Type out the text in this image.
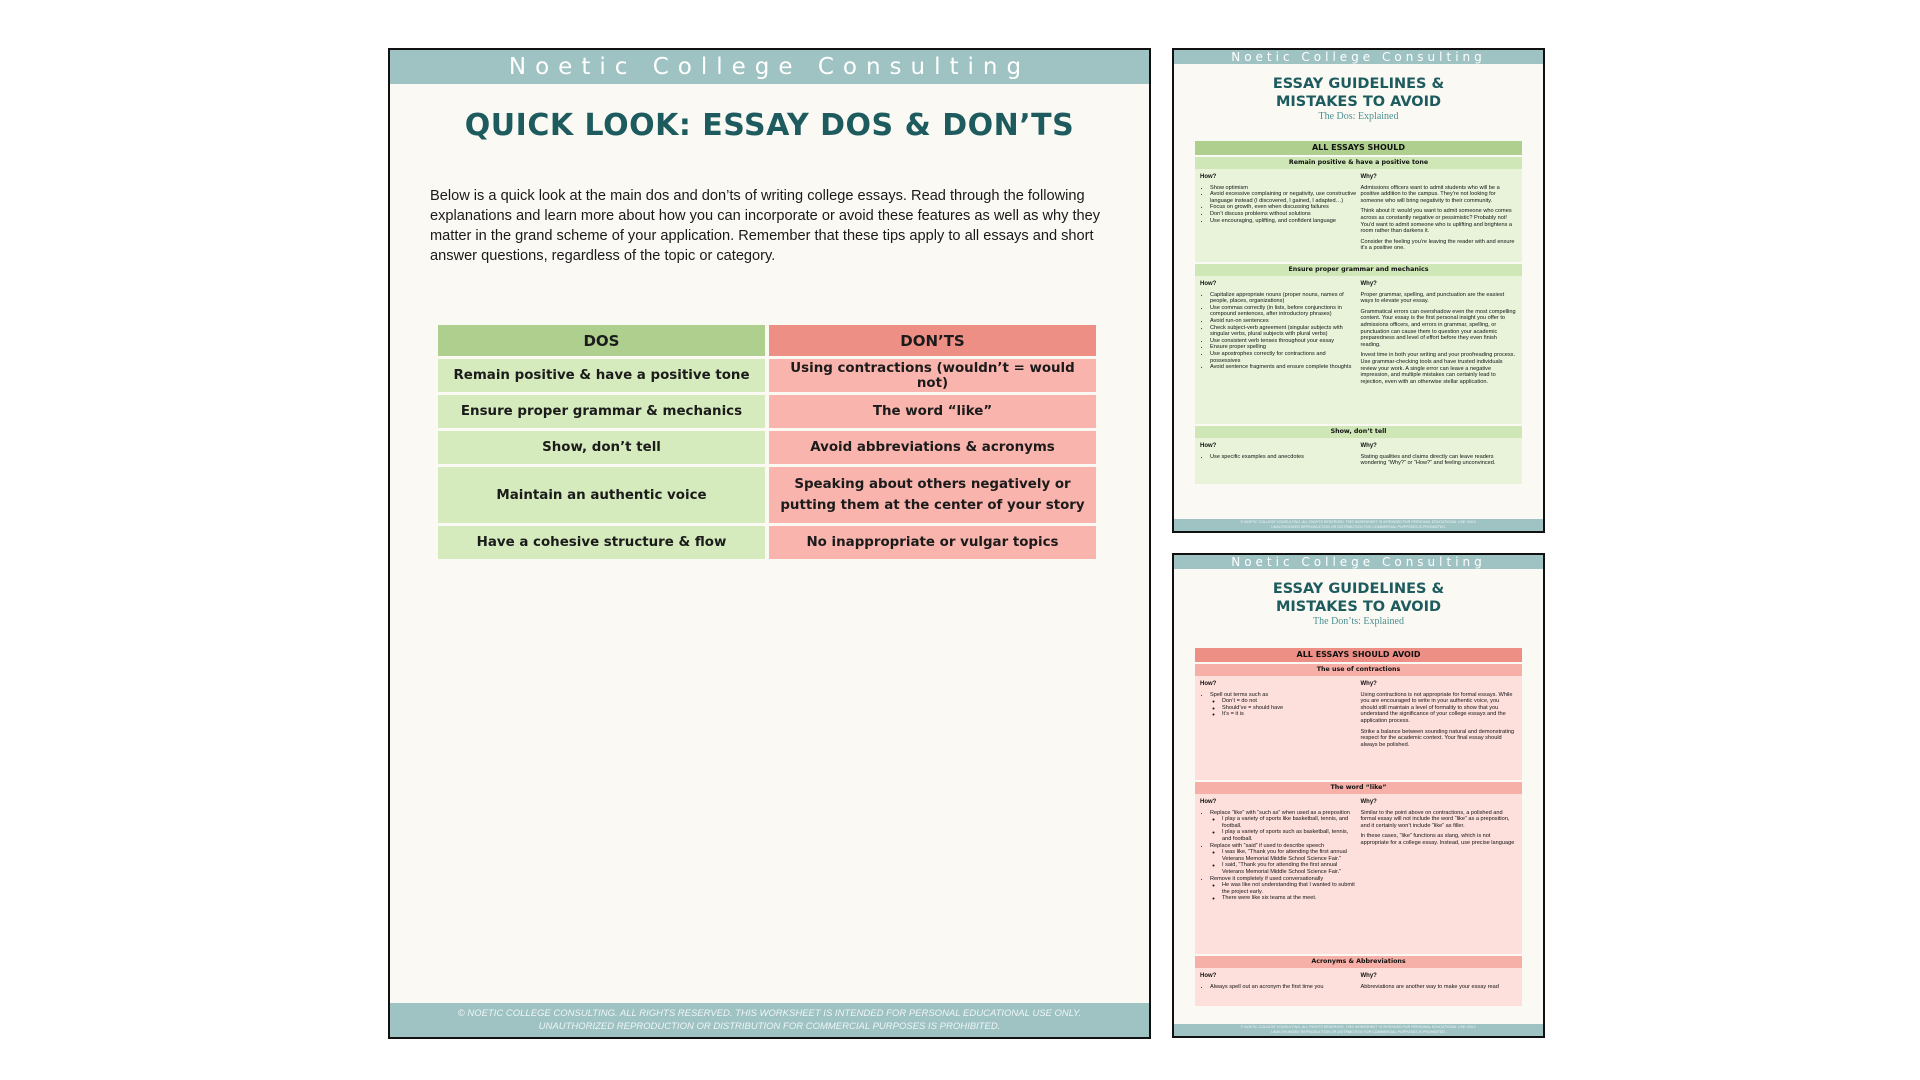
Noetic College Consulting
QUICK LOOK: ESSAY DOS & DON’TS
Below is a quick look at the main dos and don’ts of writing college essays. Read through the following explanations and learn more about how you can incorporate or avoid these features as well as why they matter in the grand scheme of your application. Remember that these tips apply to all essays and short answer questions, regardless of the topic or category.
DOS	DON’TS
Remain positive & have a positive tone	Using contractions (wouldn’t = would not)
Ensure proper grammar & mechanics	The word “like”
Show, don’t tell	Avoid abbreviations & acronyms
Maintain an authentic voice	Speaking about others negatively or putting them at the center of your story
Have a cohesive structure & flow	No inappropriate or vulgar topics
© NOETIC COLLEGE CONSULTING. ALL RIGHTS RESERVED. THIS WORKSHEET IS INTENDED FOR PERSONAL EDUCATIONAL USE ONLY.
UNAUTHORIZED REPRODUCTION OR DISTRIBUTION FOR COMMERCIAL PURPOSES IS PROHIBITED.
Noetic College Consulting
ESSAY GUIDELINES &
MISTAKES TO AVOID
The Dos: Explained
ALL ESSAYS SHOULD
Remain positive & have a positive tone
How?
• Show optimism
• Avoid excessive complaining or negativity, use constructive language instead (I discovered, I gained, I adapted…)
• Focus on growth, even when discussing failures
• Don’t discuss problems without solutions
• Use encouraging, uplifting, and confident language
Why?

Admissions officers want to admit students who will be a positive addition to the campus. They’re not looking for someone who will bring negativity to their community.

Think about it: would you want to admit someone who comes across as constantly negative or pessimistic? Probably not! You’d want to admit someone who is uplifting and brightens a room rather than darkens it.

Consider the feeling you’re leaving the reader with and ensure it’s a positive one.

Ensure proper grammar and mechanics
How?
• Capitalize appropriate nouns (proper nouns, names of people, places, organizations)
• Use commas correctly (in lists, before conjunctions in compound sentences, after introductory phrases)
• Avoid run-on sentences
• Check subject-verb agreement (singular subjects with singular verbs, plural subjects with plural verbs)
• Use consistent verb tenses throughout your essay
• Ensure proper spelling
• Use apostrophes correctly for contractions and possessives
• Avoid sentence fragments and ensure complete thoughts
Why?

Proper grammar, spelling, and punctuation are the easiest ways to elevate your essay.

Grammatical errors can overshadow even the most compelling content. Your essay is the first personal insight you offer to admissions officers, and errors in grammar, spelling, or punctuation can cause them to question your academic preparedness and level of effort before they even finish reading.

Invest time in both your writing and your proofreading process. Use grammar-checking tools and have trusted individuals review your work. A single error can leave a negative impression, and multiple mistakes can certainly lead to rejection, even with an otherwise stellar application.

Show, don’t tell
How?
• Use specific examples and anecdotes
Why?

Stating qualities and claims directly can leave readers wondering “Why?” or “How?” and feeling unconvinced.

© NOETIC COLLEGE CONSULTING. ALL RIGHTS RESERVED. THIS WORKSHEET IS INTENDED FOR PERSONAL EDUCATIONAL USE ONLY.
UNAUTHORIZED REPRODUCTION OR DISTRIBUTION FOR COMMERCIAL PURPOSES IS PROHIBITED.
Noetic College Consulting
ESSAY GUIDELINES &
MISTAKES TO AVOID
The Don’ts: Explained
ALL ESSAYS SHOULD AVOID
The use of contractions
How?
• Spell out terms such as
◦ Don’t = do not
◦ Should’ve = should have
◦ It’s = it is
Why?

Using contractions is not appropriate for formal essays. While you are encouraged to write in your authentic voice, you should still maintain a level of formality to show that you understand the significance of your college essays and the application process.

Strike a balance between sounding natural and demonstrating respect for the academic context. Your final essay should always be polished.

The word “like”
How?
• Replace “like” with “such as” when used as a preposition
◦ I play a variety of sports like basketball, tennis, and football.
◦ I play a variety of sports such as basketball, tennis, and football.
• Replace with “said” if used to describe speech
◦ I was like, “Thank you for attending the first annual Veterans Memorial Middle School Science Fair.”
◦ I said, “Thank you for attending the first annual Veterans Memorial Middle School Science Fair.”
• Remove it completely if used conversationally
◦ He was like not understanding that I wanted to submit the project early.
◦ There were like six teams at the meet.
Why?

Similar to the point above on contractions, a polished and formal essay will not include the word “like” as a preposition, and it certainly won’t include “like” as filler.

In these cases, “like” functions as slang, which is not appropriate for a college essay. Instead, use precise language

Acronyms & Abbreviations
How?
• Always spell out an acronym the first time you
Why?

Abbreviations are another way to make your essay read

© NOETIC COLLEGE CONSULTING. ALL RIGHTS RESERVED. THIS WORKSHEET IS INTENDED FOR PERSONAL EDUCATIONAL USE ONLY.
UNAUTHORIZED REPRODUCTION OR DISTRIBUTION FOR COMMERCIAL PURPOSES IS PROHIBITED.
